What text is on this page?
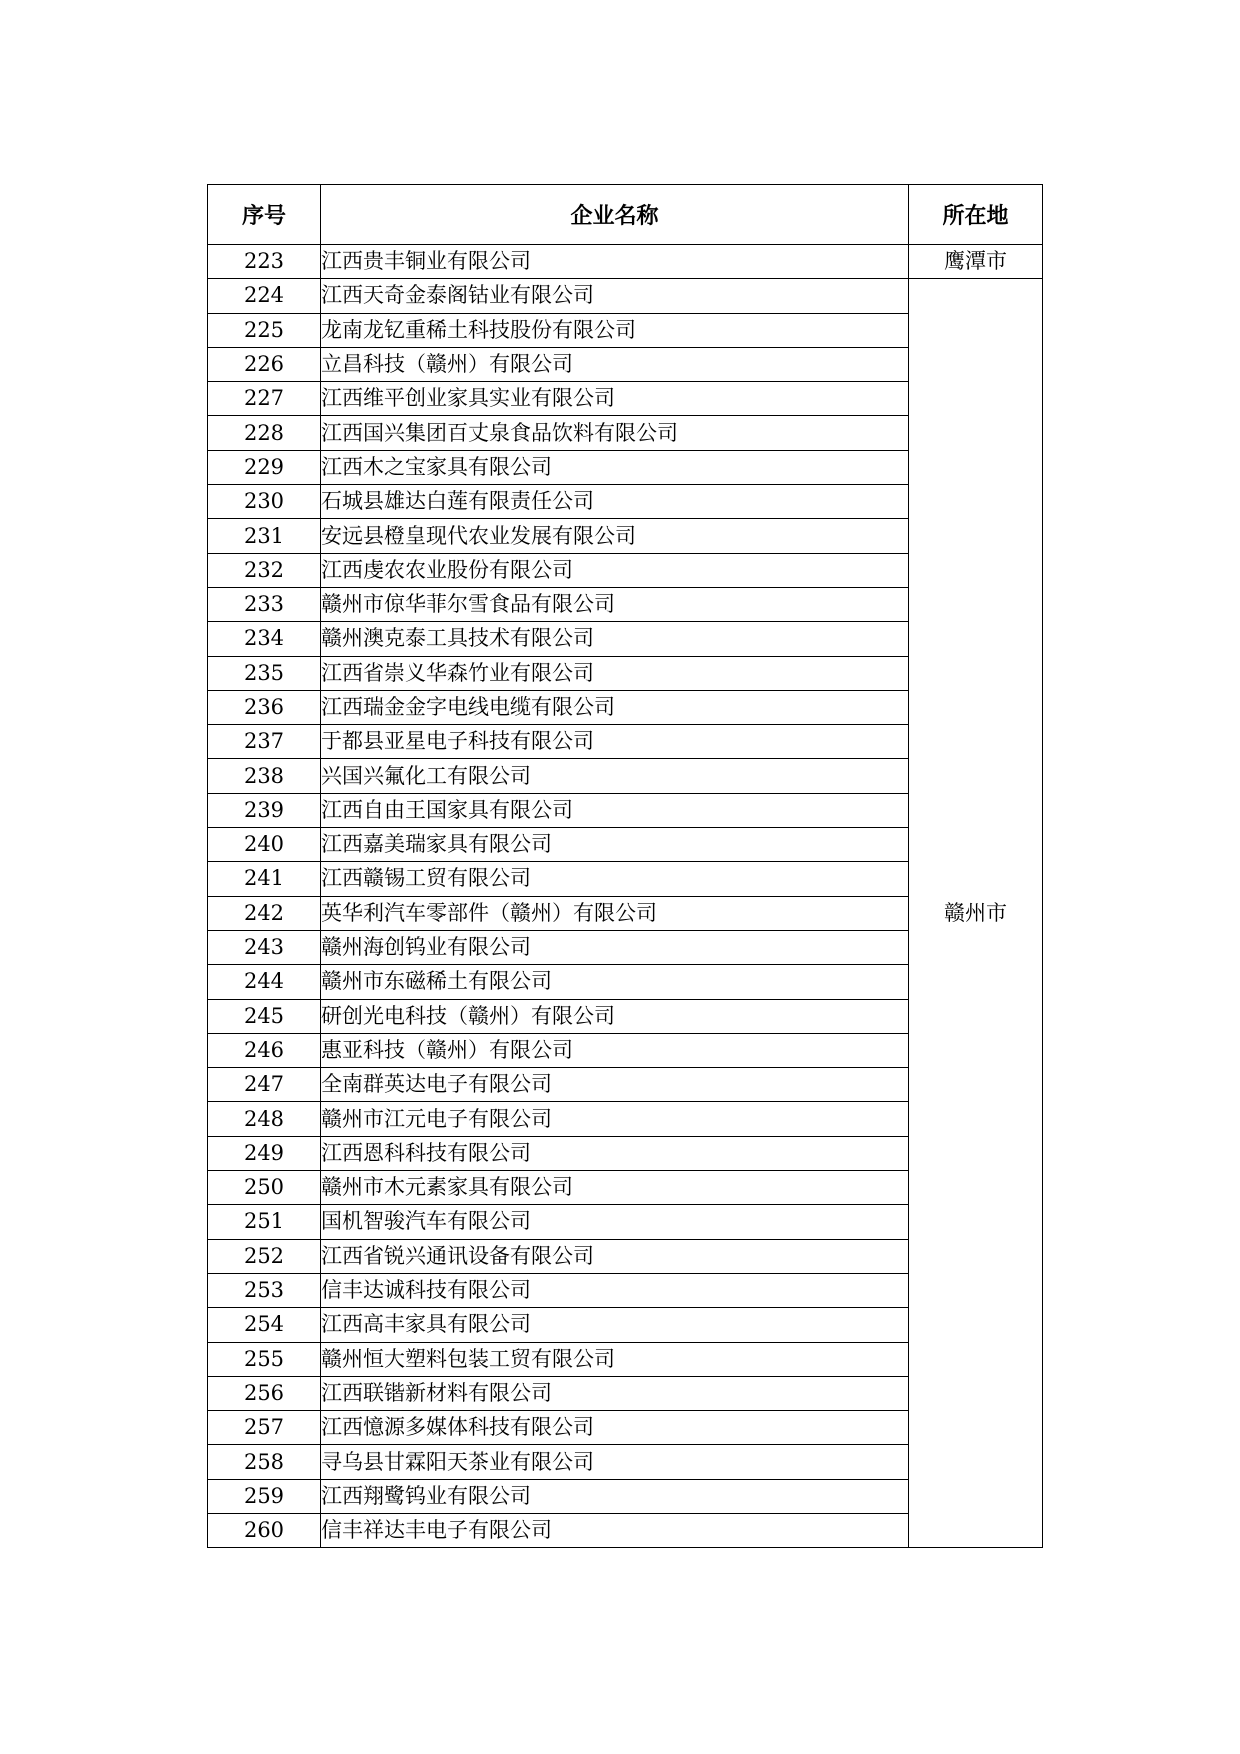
序号	企业名称	所在地
223	江西贵丰铜业有限公司	鹰潭市
224	江西天奇金泰阁钴业有限公司	赣州市
225	龙南龙钇重稀土科技股份有限公司	
226	立昌科技（赣州）有限公司	
227	江西维平创业家具实业有限公司	
228	江西国兴集团百丈泉食品饮料有限公司	
229	江西木之宝家具有限公司	
230	石城县雄达白莲有限责任公司	
231	安远县橙皇现代农业发展有限公司	
232	江西虔农农业股份有限公司	
233	赣州市倞华菲尔雪食品有限公司	
234	赣州澳克泰工具技术有限公司	
235	江西省崇义华森竹业有限公司	
236	江西瑞金金字电线电缆有限公司	
237	于都县亚星电子科技有限公司	
238	兴国兴氟化工有限公司	
239	江西自由王国家具有限公司	
240	江西嘉美瑞家具有限公司	
241	江西赣锡工贸有限公司	
242	英华利汽车零部件（赣州）有限公司	
243	赣州海创钨业有限公司	
244	赣州市东磁稀土有限公司	
245	研创光电科技（赣州）有限公司	
246	惠亚科技（赣州）有限公司	
247	全南群英达电子有限公司	
248	赣州市江元电子有限公司	
249	江西恩科科技有限公司	
250	赣州市木元素家具有限公司	
251	国机智骏汽车有限公司	
252	江西省锐兴通讯设备有限公司	
253	信丰达诚科技有限公司	
254	江西高丰家具有限公司	
255	赣州恒大塑料包装工贸有限公司	
256	江西联锴新材料有限公司	
257	江西憶源多媒体科技有限公司	
258	寻乌县甘霖阳天茶业有限公司	
259	江西翔鹭钨业有限公司	
260	信丰祥达丰电子有限公司	
